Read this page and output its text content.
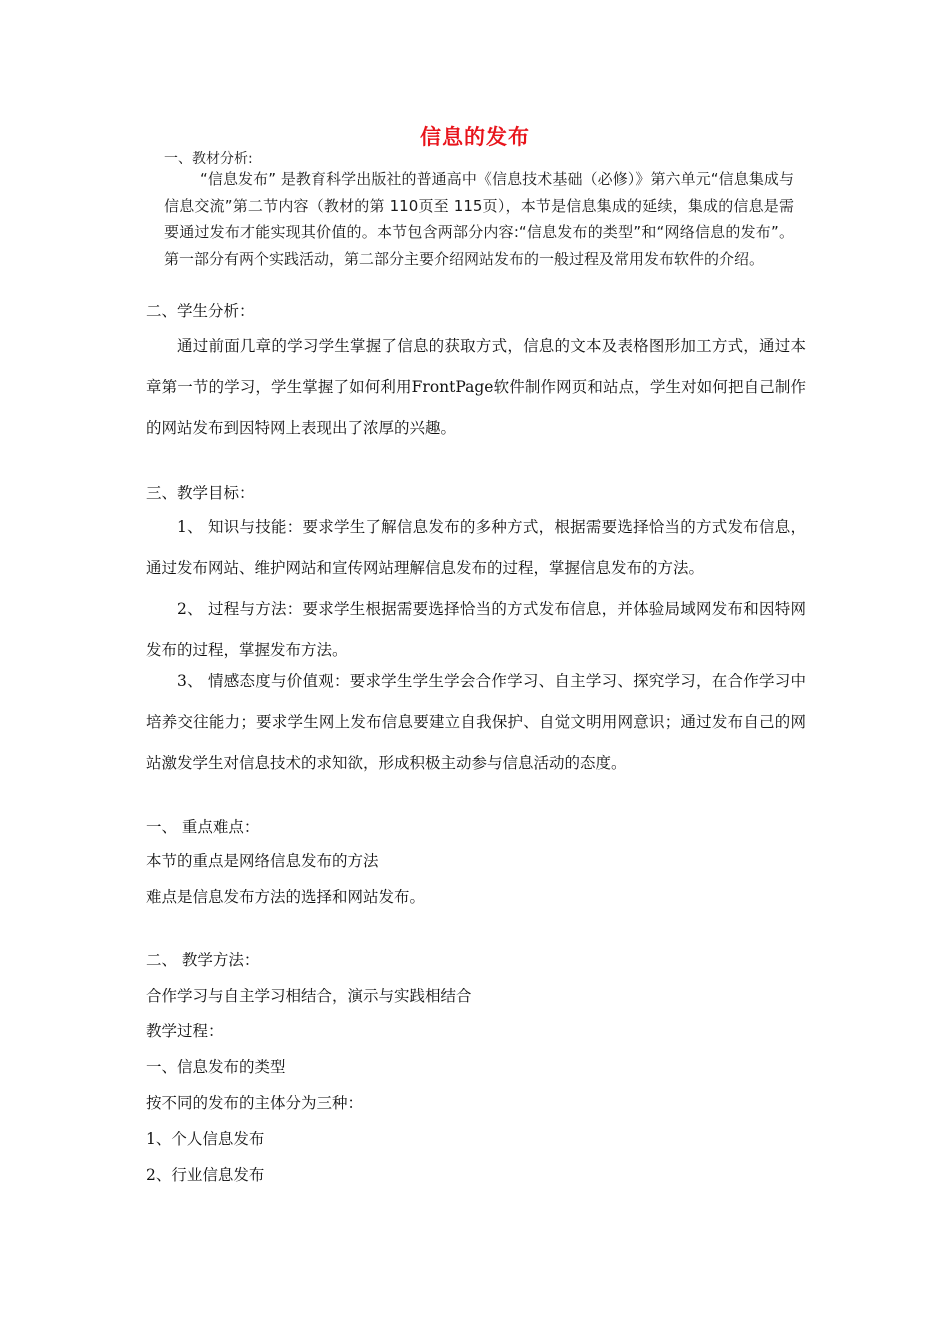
信息的发布
一、教材分析:
“信息发布” 是教育科学出版社的普通高中《信息技术基础（必修）》第六单元“信息集成与信息交流”第二节内容（教材的第 110页至 115页），本节是信息集成的延续，集成的信息是需要通过发布才能实现其价值的。本节包含两部分内容:“信息发布的类型”和“网络信息的发布”。第一部分有两个实践活动，第二部分主要介绍网站发布的一般过程及常用发布软件的介绍。
二、学生分析：
通过前面几章的学习学生掌握了信息的获取方式，信息的文本及表格图形加工方式，通过本章第一节的学习，学生掌握了如何利用FrontPage软件制作网页和站点，学生对如何把自己制作的网站发布到因特网上表现出了浓厚的兴趣。
三、教学目标：
1、 知识与技能：要求学生了解信息发布的多种方式，根据需要选择恰当的方式发布信息，通过发布网站、维护网站和宣传网站理解信息发布的过程，掌握信息发布的方法。
2、 过程与方法：要求学生根据需要选择恰当的方式发布信息，并体验局域网发布和因特网发布的过程，掌握发布方法。
3、 情感态度与价值观：要求学生学生学会合作学习、自主学习、探究学习，在合作学习中培养交往能力；要求学生网上发布信息要建立自我保护、自觉文明用网意识；通过发布自己的网站激发学生对信息技术的求知欲，形成积极主动参与信息活动的态度。
一、 重点难点：
本节的重点是网络信息发布的方法
难点是信息发布方法的选择和网站发布。
二、 教学方法：
合作学习与自主学习相结合，演示与实践相结合
教学过程：
一、信息发布的类型
按不同的发布的主体分为三种：
1、个人信息发布
2、行业信息发布
